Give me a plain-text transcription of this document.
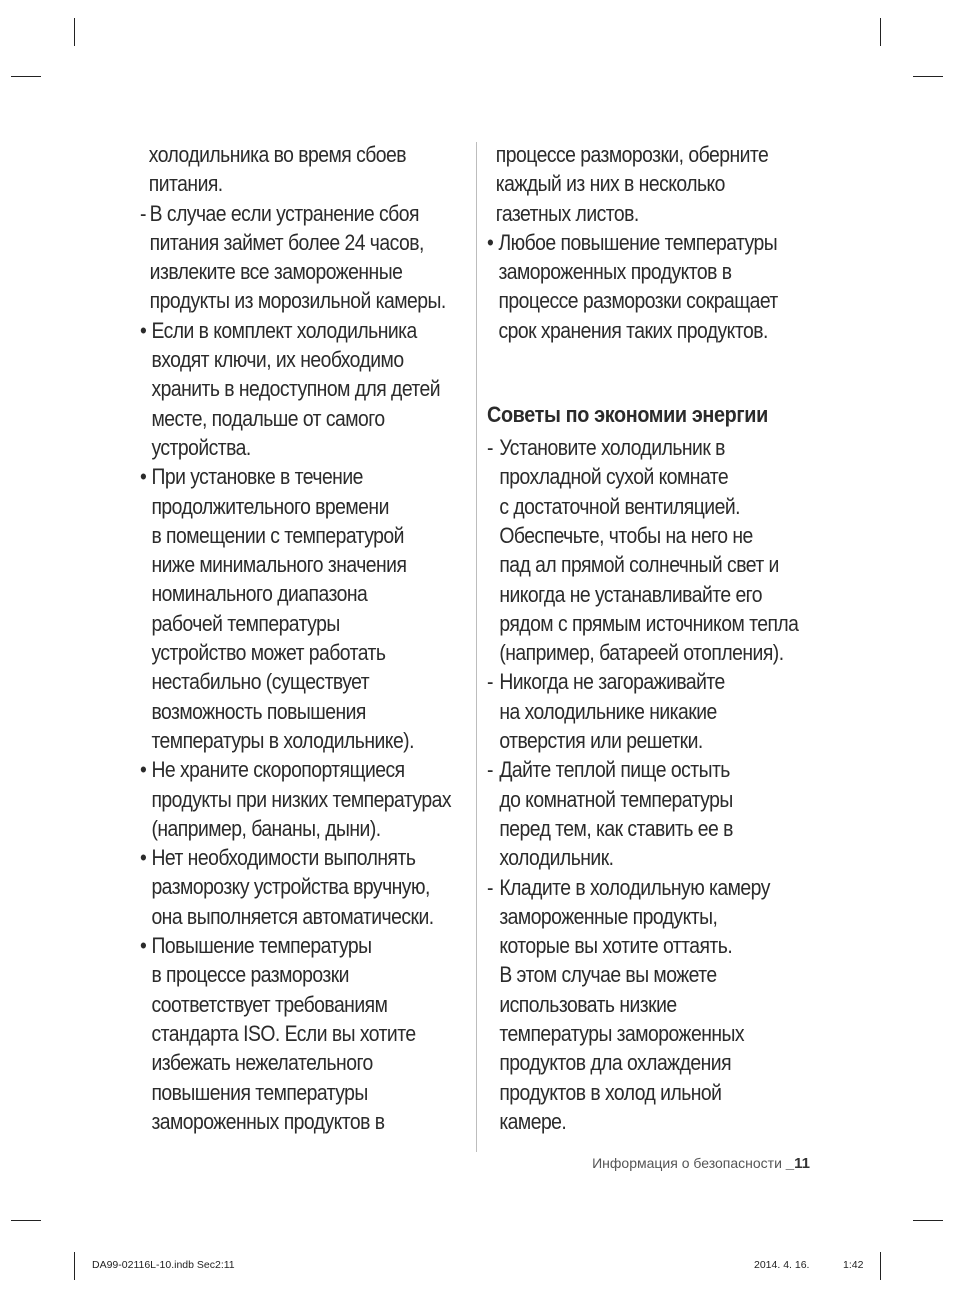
холодильника во время сбоев
питания.
- В случае если устранение сбоя
питания займет более 24 часов,
извлеките все замороженные
продукты из морозильной камеры.
• Если в комплект холодильника
входят ключи, их необходимо
хранить в недоступном для детей
месте, подальше от самого
устройства.
• При установке в течение
продолжительного времени
в помещении с температурой
ниже минимального значения
номинального диапазона
рабочей температуры
устройство может работать
нестабильно (существует
возможность повышения
температуры в холодильнике).
• Не храните скоропортящиеся
продукты при низких температурах
(например, бананы, дыни).
• Нет необходимости выполнять
разморозку устройства вручную,
она выполняется автоматически.
• Повышение температуры
в процессе разморозки
соответствует требованиям
стандарта ISO. Если вы хотите
избежать нежелательного
повышения температуры
замороженных продуктов в
процессе разморозки, оберните
каждый из них в несколько
газетных листов.
• Любое повышение температуры
замороженных продуктов в
процессе разморозки сокращает
срок хранения таких продуктов.
Советы по экономии энергии
- Установите холодильник в
прохладной сухой комнате
с достаточной вентиляцией.
Обеспечьте, чтобы на него не
пад ал прямой солнечный свет и
никогда не устанавливайте его
рядом с прямым источником тепла
(например, батареей отопления).
- Никогда не загораживайте
на холодильнике никакие
отверстия или решетки.
- Дайте теплой пище остыть
до комнатной температуры
перед тем, как ставить ее в
холодильник.
- Кладите в холодильную камеру
замороженные продукты,
которые вы хотите оттаять.
В этом случае вы можете
использовать низкие
температуры замороженных
продуктов дла охлаждения
продуктов в холод ильной
камере.
Информация о безопасности _11
DA99-02116L-10.indb Sec2:11	2014. 4. 16.	1:42
